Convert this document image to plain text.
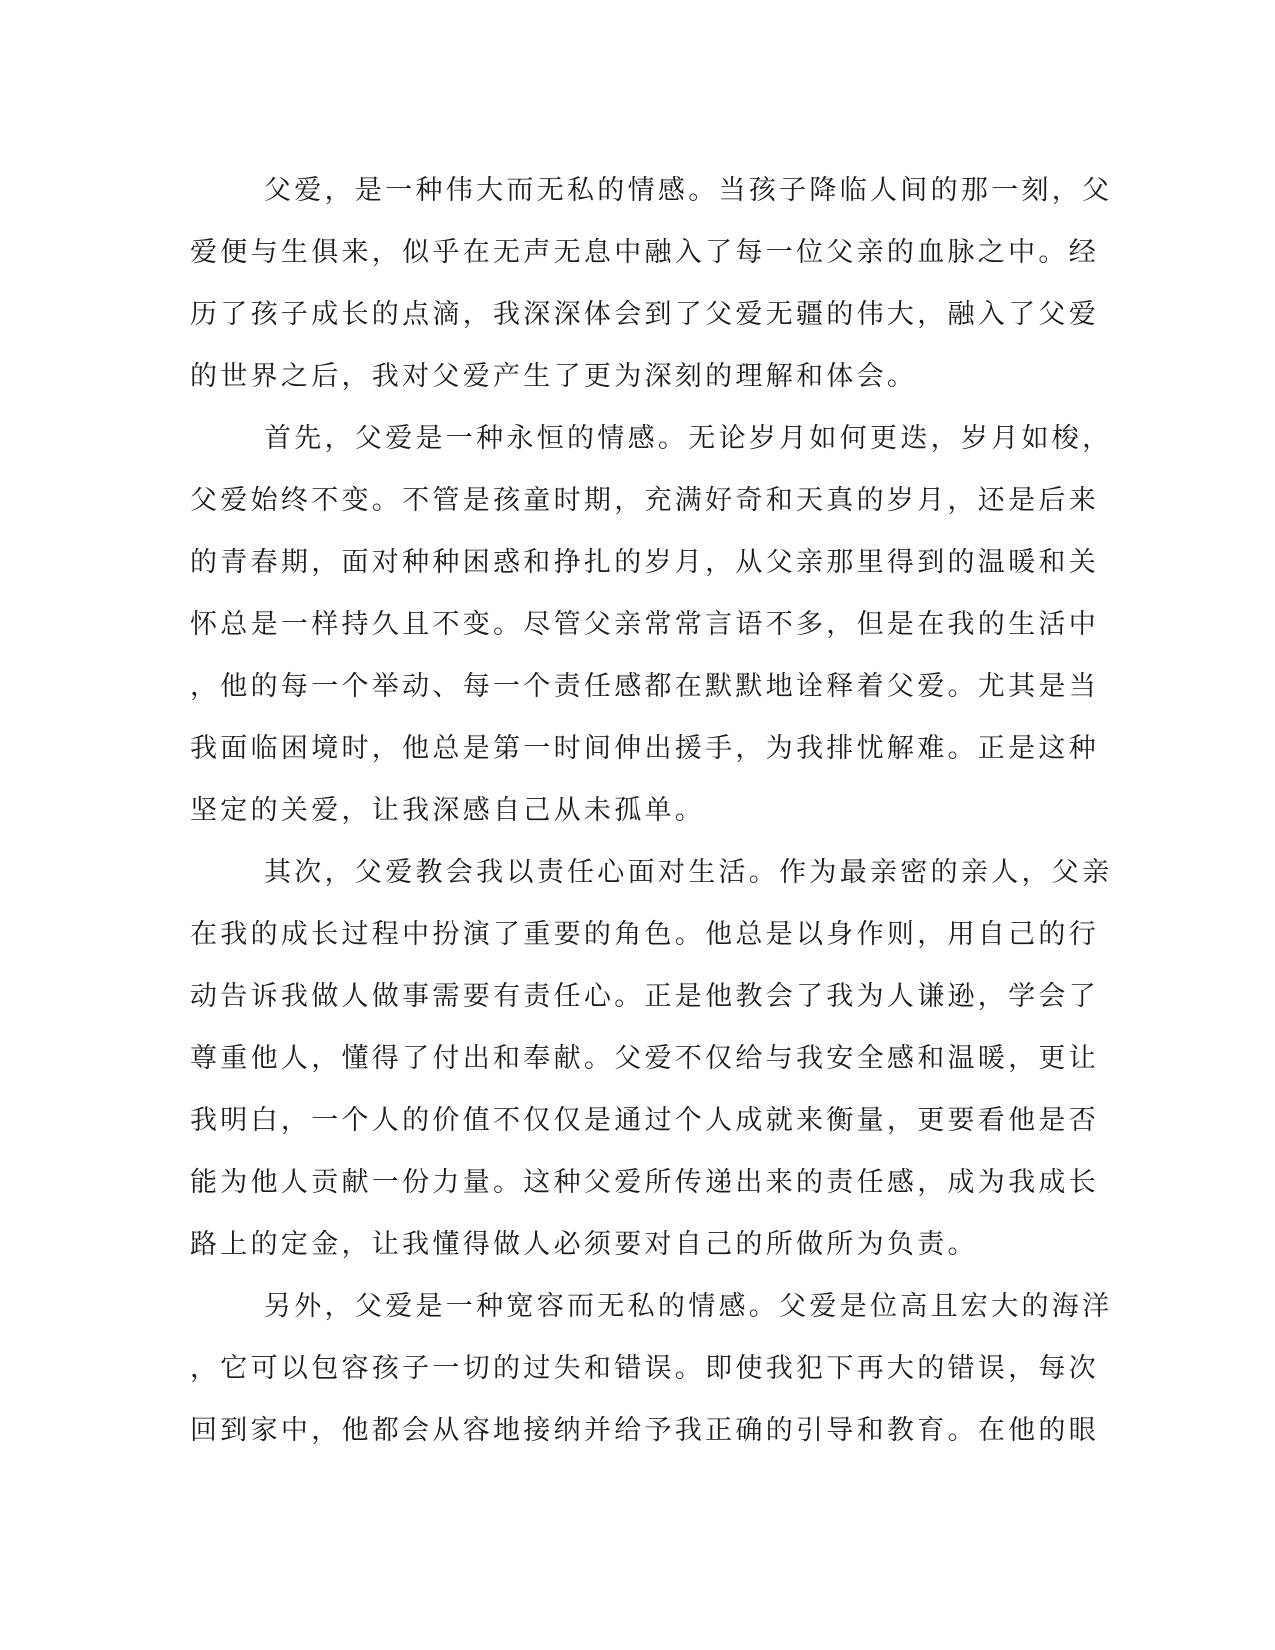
父爱，是一种伟大而无私的情感。当孩子降临人间的那一刻，父
爱便与生俱来，似乎在无声无息中融入了每一位父亲的血脉之中。经
历了孩子成长的点滴，我深深体会到了父爱无疆的伟大，融入了父爱
的世界之后，我对父爱产生了更为深刻的理解和体会。
首先，父爱是一种永恒的情感。无论岁月如何更迭，岁月如梭，
父爱始终不变。不管是孩童时期，充满好奇和天真的岁月，还是后来
的青春期，面对种种困惑和挣扎的岁月，从父亲那里得到的温暖和关
怀总是一样持久且不变。尽管父亲常常言语不多，但是在我的生活中
，他的每一个举动、每一个责任感都在默默地诠释着父爱。尤其是当
我面临困境时，他总是第一时间伸出援手，为我排忧解难。正是这种
坚定的关爱，让我深感自己从未孤单。
其次，父爱教会我以责任心面对生活。作为最亲密的亲人，父亲
在我的成长过程中扮演了重要的角色。他总是以身作则，用自己的行
动告诉我做人做事需要有责任心。正是他教会了我为人谦逊，学会了
尊重他人，懂得了付出和奉献。父爱不仅给与我安全感和温暖，更让
我明白，一个人的价值不仅仅是通过个人成就来衡量，更要看他是否
能为他人贡献一份力量。这种父爱所传递出来的责任感，成为我成长
路上的定金，让我懂得做人必须要对自己的所做所为负责。
另外，父爱是一种宽容而无私的情感。父爱是位高且宏大的海洋
，它可以包容孩子一切的过失和错误。即使我犯下再大的错误，每次
回到家中，他都会从容地接纳并给予我正确的引导和教育。在他的眼
